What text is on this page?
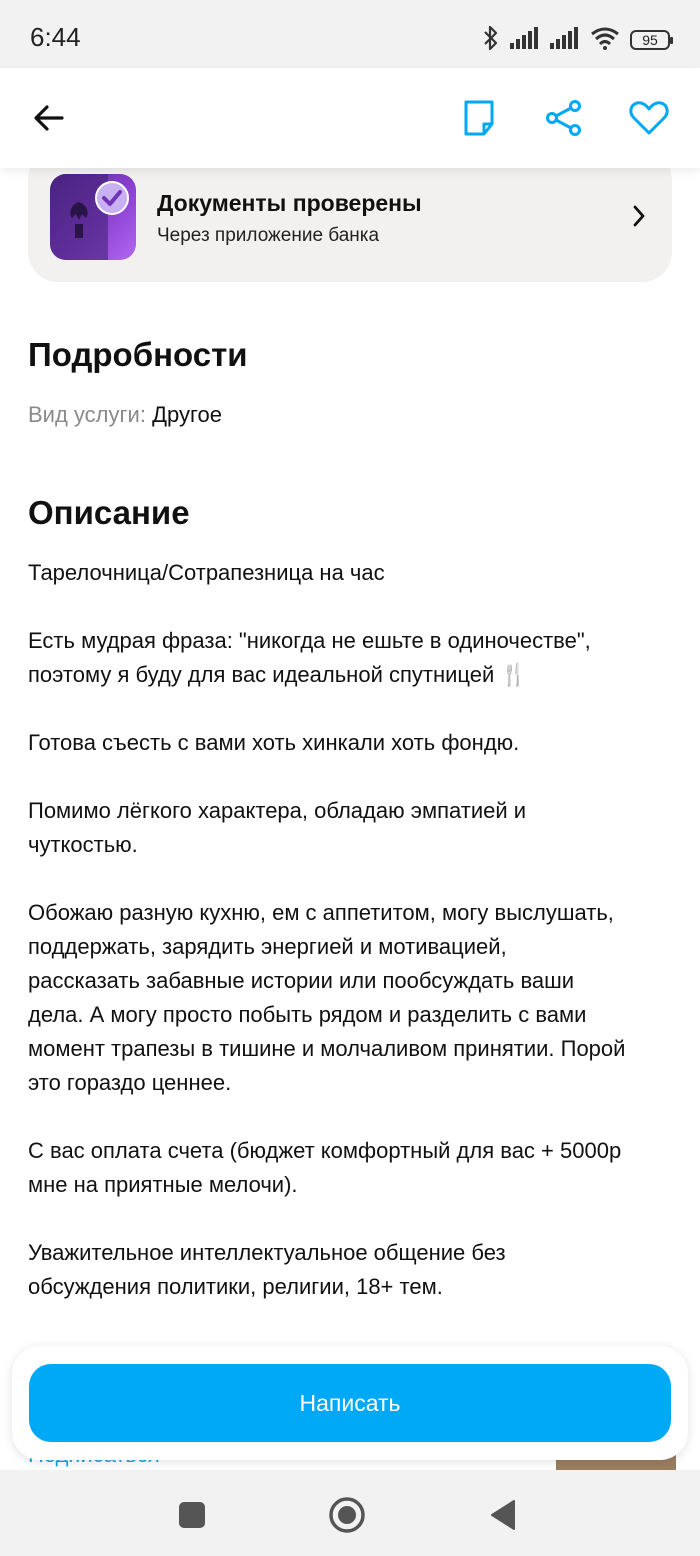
6:44	95
Документы проверены
Через приложение банка
Подробности
Вид услуги: Другое
Описание

Тарелочница/Сотрапезница на час

Есть мудрая фраза: "никогда не ешьте в одиночестве",
поэтому я буду для вас идеальной спутницей 🍴

Готова съесть с вами хоть хинкали хоть фондю.

Помимо лёгкого характера, обладаю эмпатией и
чуткостью.

Обожаю разную кухню, ем с аппетитом, могу выслушать,
поддержать, зарядить энергией и мотивацией,
рассказать забавные истории или пообсуждать ваши
дела. А могу просто побыть рядом и разделить с вами
момент трапезы в тишине и молчаливом принятии. Порой
это гораздо ценнее.

С вас оплата счета (бюджет комфортный для вас + 5000р
мне на приятные мелочи).

Уважительное интеллектуальное общение без
обсуждения политики, религии, 18+ тем.

Написать
